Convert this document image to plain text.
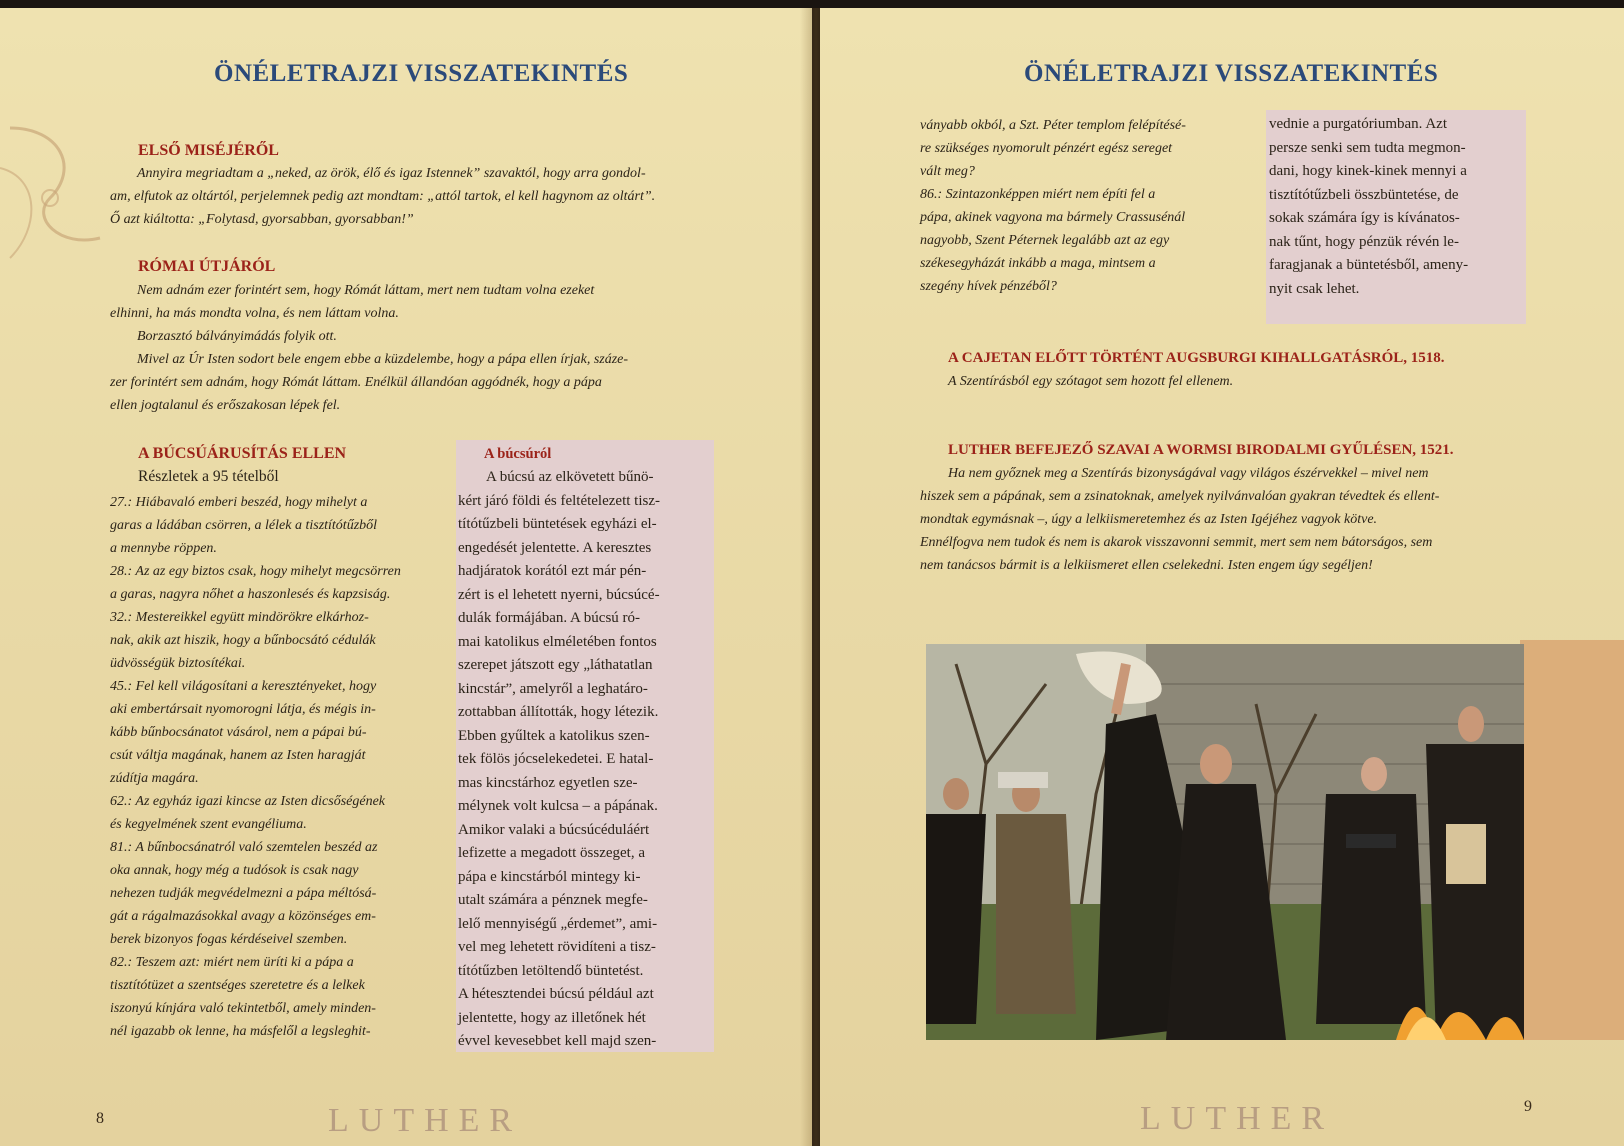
ÖNÉLETRAJZI VISSZATEKINTÉS
ELSŐ MISÉJÉRŐL

Annyira megriadtam a „neked, az örök, élő és igaz Istennek” szavaktól, hogy arra gondol-

am, elfutok az oltártól, perjelemnek pedig azt mondtam: „attól tartok, el kell hagynom az oltárt”.

Ő azt kiáltotta: „Folytasd, gyorsabban, gyorsabban!”

RÓMAI ÚTJÁRÓL

Nem adnám ezer forintért sem, hogy Rómát láttam, mert nem tudtam volna ezeket

elhinni, ha más mondta volna, és nem láttam volna.

Borzasztó bálványimádás folyik ott.

Mivel az Úr Isten sodort bele engem ebbe a küzdelembe, hogy a pápa ellen írjak, száze-

zer forintért sem adnám, hogy Rómát láttam. Enélkül állandóan aggódnék, hogy a pápa

ellen jogtalanul és erőszakosan lépek fel.

A BÚCSÚÁRUSÍTÁS ELLEN
Részletek a 95 tételből

27.: Hiábavaló emberi beszéd, hogy mihelyt a

garas a ládában csörren, a lélek a tisztítótűzből

a mennybe röppen.

28.: Az az egy biztos csak, hogy mihelyt megcsörren

a garas, nagyra nőhet a haszonlesés és kapzsiság.

32.: Mestereikkel együtt mindörökre elkárhoz-

nak, akik azt hiszik, hogy a bűnbocsátó cédulák

üdvösségük biztosítékai.

45.: Fel kell világosítani a keresztényeket, hogy

aki embertársait nyomorogni látja, és mégis in-

kább bűnbocsánatot vásárol, nem a pápai bú-

csút váltja magának, hanem az Isten haragját

zúdítja magára.

62.: Az egyház igazi kincse az Isten dicsőségének

és kegyelmének szent evangéliuma.

81.: A bűnbocsánatról való szemtelen beszéd az

oka annak, hogy még a tudósok is csak nagy

nehezen tudják megvédelmezni a pápa méltósá-

gát a rágalmazásokkal avagy a közönséges em-

berek bizonyos fogas kérdéseivel szemben.

82.: Teszem azt: miért nem üríti ki a pápa a

tisztítótüzet a szentséges szeretetre és a lelkek

iszonyú kínjára való tekintetből, amely minden-

nél igazabb ok lenne, ha másfelől a legsleghit-

A búcsúról

A búcsú az elkövetett bűnö-

kért járó földi és feltételezett tisz-

títótűzbeli büntetések egyházi el-

engedését jelentette. A keresztes

hadjáratok korától ezt már pén-

zért is el lehetett nyerni, búcsúcé-

dulák formájában. A búcsú ró-

mai katolikus elméletében fontos

szerepet játszott egy „láthatatlan

kincstár”, amelyről a leghatáro-

zottabban állították, hogy létezik.

Ebben gyűltek a katolikus szen-

tek fölös jócselekedetei. E hatal-

mas kincstárhoz egyetlen sze-

mélynek volt kulcsa – a pápának.

Amikor valaki a búcsúcéduláért

lefizette a megadott összeget, a

pápa e kincstárból mintegy ki-

utalt számára a pénznek megfe-

lelő mennyiségű „érdemet”, ami-

vel meg lehetett rövidíteni a tisz-

títótűzben letöltendő büntetést.

A hétesztendei búcsú például azt

jelentette, hogy az illetőnek hét

évvel kevesebbet kell majd szen-

8	LUTHER
ÖNÉLETRAJZI VISSZATEKINTÉS

ványabb okból, a Szt. Péter templom felépítésé-

re szükséges nyomorult pénzért egész sereget

vált meg?

86.: Szintazonképpen miért nem építi fel a

pápa, akinek vagyona ma bármely Crassusénál

nagyobb, Szent Péternek legalább azt az egy

székesegyházát inkább a maga, mintsem a

szegény hívek pénzéből?

vednie a purgatóriumban. Azt

persze senki sem tudta megmon-

dani, hogy kinek-kinek mennyi a

tisztítótűzbeli összbüntetése, de

sokak számára így is kívánatos-

nak tűnt, hogy pénzük révén le-

faragjanak a büntetésből, ameny-

nyit csak lehet.

A CAJETAN ELŐTT TÖRTÉNT AUGSBURGI KIHALLGATÁSRÓL, 1518.

A Szentírásból egy szótagot sem hozott fel ellenem.

LUTHER BEFEJEZŐ SZAVAI A WORMSI BIRODALMI GYŰLÉSEN, 1521.

Ha nem győznek meg a Szentírás bizonyságával vagy világos észérvekkel – mivel nem

hiszek sem a pápának, sem a zsinatoknak, amelyek nyilvánvalóan gyakran tévedtek és ellent-

mondtak egymásnak –, úgy a lelkiismeretemhez és az Isten Igéjéhez vagyok kötve.

Ennélfogva nem tudok és nem is akarok visszavonni semmit, mert sem nem bátorságos, sem

nem tanácsos bármit is a lelkiismeret ellen cselekedni. Isten engem úgy segéljen!

LUTHER	9
